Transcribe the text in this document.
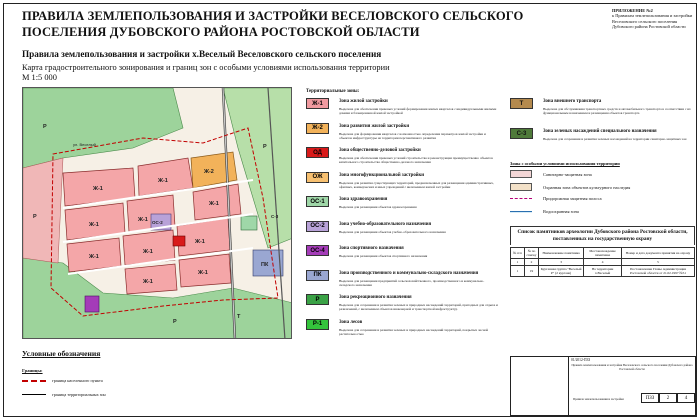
ПРАВИЛА ЗЕМЛЕПОЛЬЗОВАНИЯ И ЗАСТРОЙКИ ВЕСЕЛОВСКОГО СЕЛЬСКОГО ПОСЕЛЕНИЯ ДУБОВСКОГО РАЙОНА РОСТОВСКОЙ ОБЛАСТИ
Правила землепользования и застройки х.Веселый Веселовского сельского поселения
Карта градостроительного зонирования и границ зон с особыми условиями использования территории
М 1:5 000
ПРИЛОЖЕНИЕ №2
к Правилам землепользования и застройки Веселовского сельского поселения Дубовского района Ростовской области
ул. Веселый
Ж-1
Ж-1
Ж-1
Ж-1
Ж-1
Ж-1
Ж-1
Ж-1
Ж-1
Ж-1
Ж-2
ОС-2
ПК
Р
Р
Р
Р
Т
С-3
Условные обозначения
Границы:
граница населенного пункта
граница территориальных зон
Территориальные зоны:
Ж-1	Зона жилой застройки
Выделена для обеспечения правовых условий формирования жилых кварталов с индивидуальными жилыми домами и блокированной жилой застройкой
Ж-2	Зона развития жилой застройки
Выделена для формирования кварталов с возможностью определения параметров жилой застройки и объектов инфраструктуры на территории перспективного развития
ОД	Зона общественно-деловой застройки
Выделена для обеспечения правовых условий строительства и реконструкции преимущественно объектов капитального строительства общественно-делового назначения
ОЖ	Зона многофункциональной застройки
Выделена для развития существующих территорий, предназначенных для размещения административных, офисных, коммерческих и иных учреждений с включением жилой застройки
ОС-1	Зона здравоохранения
Выделена для размещения объектов здравоохранения
ОС-2	Зона учебно-образовательного назначения
Выделена для размещения объектов учебно-образовательного назначения
ОС-4	Зона спортивного назначения
Выделена для размещения объектов спортивного назначения
ПК	Зона производственного и коммунально-складского назначения
Выделена для размещения предприятий сельскохозяйственного, производственного и коммунально-складского назначения
Р	Зона рекреационного назначения
Выделена для сохранения и развития зеленых и природных насаждений территорий, пригодных для отдыха и развлечений, с включением объектов инженерной и транспортной инфраструктур
Р-1	Зона лесов
Выделена для сохранения и развития зеленых и природных насаждений территорий, покрытых лесной растительностью
Т	Зона внешнего транспорта
Выделена для обслуживания транспортных средств и автомобильного транспорта в соответствии с их функциональным назначением и размещения объектов транспорта
С-3	Зона зеленых насаждений специального назначения
Выделена для сохранения и развития зеленых насаждений на территории санитарно-защитных зон
Зоны с особыми условиями использования территории
Санитарно-защитная зона
Охранная зона объектов культурного наследия
Придорожная защитная полоса
Водоохранная зона
Список памятников археологии Дубовского района Ростовской области, поставленных на государственную охрану
№ п/п	№ по списку	Наименование памятника	Местонахождение памятника	Номер и дата документа принятия на охрану
1	2	3	4	5
1	19	Курганная группа "Веселый Р" (2 кургана)	На территории х.Веселый	Постановление Главы Администрации Ростовской области от 21.02.1997 №51
01/2012-ПЗЗ
Правила землепользования и застройки Веселовского сельского поселения Дубовского района Ростовской области
Правила землепользования и застройки	ПЗЗ	2	4
